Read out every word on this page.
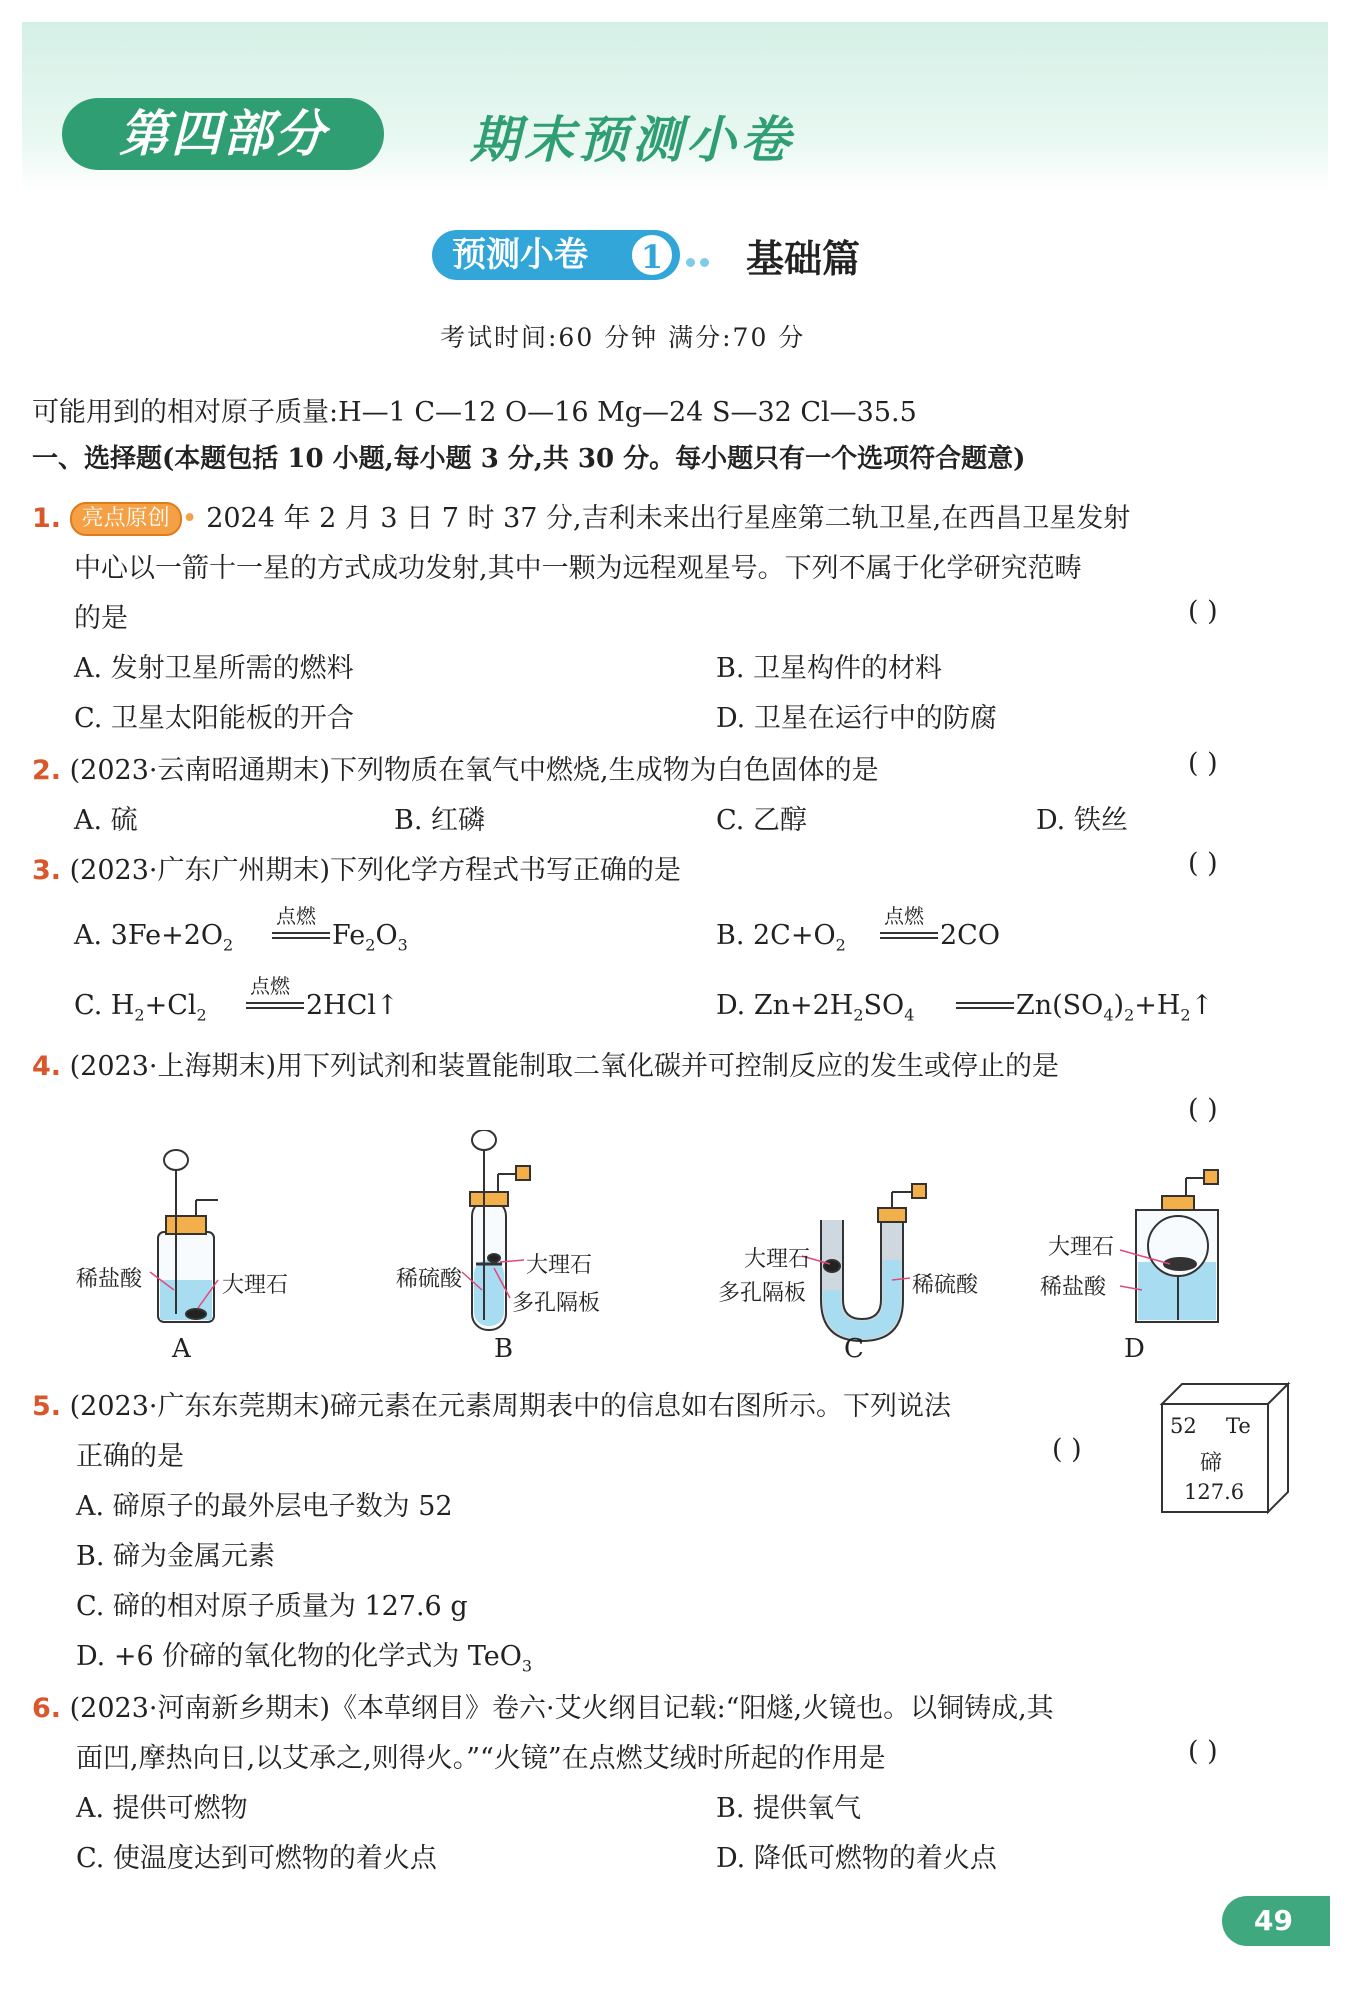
第四部分	期末预测小卷
预测小卷	1 基础篇
考试时间:60 分钟 满分:70 分
可能用到的相对原子质量:H—1 C—12 O—16 Mg—24 S—32 Cl—35.5
一、选择题(本题包括 10 小题,每小题 3 分,共 30 分。每小题只有一个选项符合题意)
1. 亮点原创 • 2024 年 2 月 3 日 7 时 37 分,吉利未来出行星座第二轨卫星,在西昌卫星发射
中心以一箭十一星的方式成功发射,其中一颗为远程观星号。下列不属于化学研究范畴
的是	( )
A. 发射卫星所需的燃料	B. 卫星构件的材料
C. 卫星太阳能板的开合	D. 卫星在运行中的防腐
2. (2023·云南昭通期末)下列物质在氧气中燃烧,生成物为白色固体的是	( )
A. 硫	B. 红磷	C. 乙醇	D. 铁丝
3. (2023·广东广州期末)下列化学方程式书写正确的是	( )
A. $3Fe+2O_2$
点燃
$Fe_2O_3$	B. $2C+O_2$
点燃
2CO
C. $H_2+Cl_2$
点燃
2HCl↑	D. $Zn+2H_2SO_4$	$Zn(SO_4)_2+H_2↑$
4. (2023·上海期末)用下列试剂和装置能制取二氧化碳并可控制反应的发生或停止的是
( )
稀盐酸	大理石	稀硫酸
大理石
多孔隔板
大理石
多孔隔板	稀硫酸
大理石
稀盐酸
A	B	C	D
5. (2023·广东东莞期末)碲元素在元素周期表中的信息如右图所示。下列说法
正确的是	( )
A. 碲原子的最外层电子数为 52
B. 碲为金属元素
C. 碲的相对原子质量为 127.6 g
D. +6 价碲的氧化物的化学式为 TeO$_3$
52 Te
碲
127.6
6. (2023·河南新乡期末)《本草纲目》卷六·艾火纲目记载:“阳燧,火镜也。以铜铸成,其
面凹,摩热向日,以艾承之,则得火。”“火镜”在点燃艾绒时所起的作用是	( )
A. 提供可燃物	B. 提供氧气
C. 使温度达到可燃物的着火点	D. 降低可燃物的着火点
49
